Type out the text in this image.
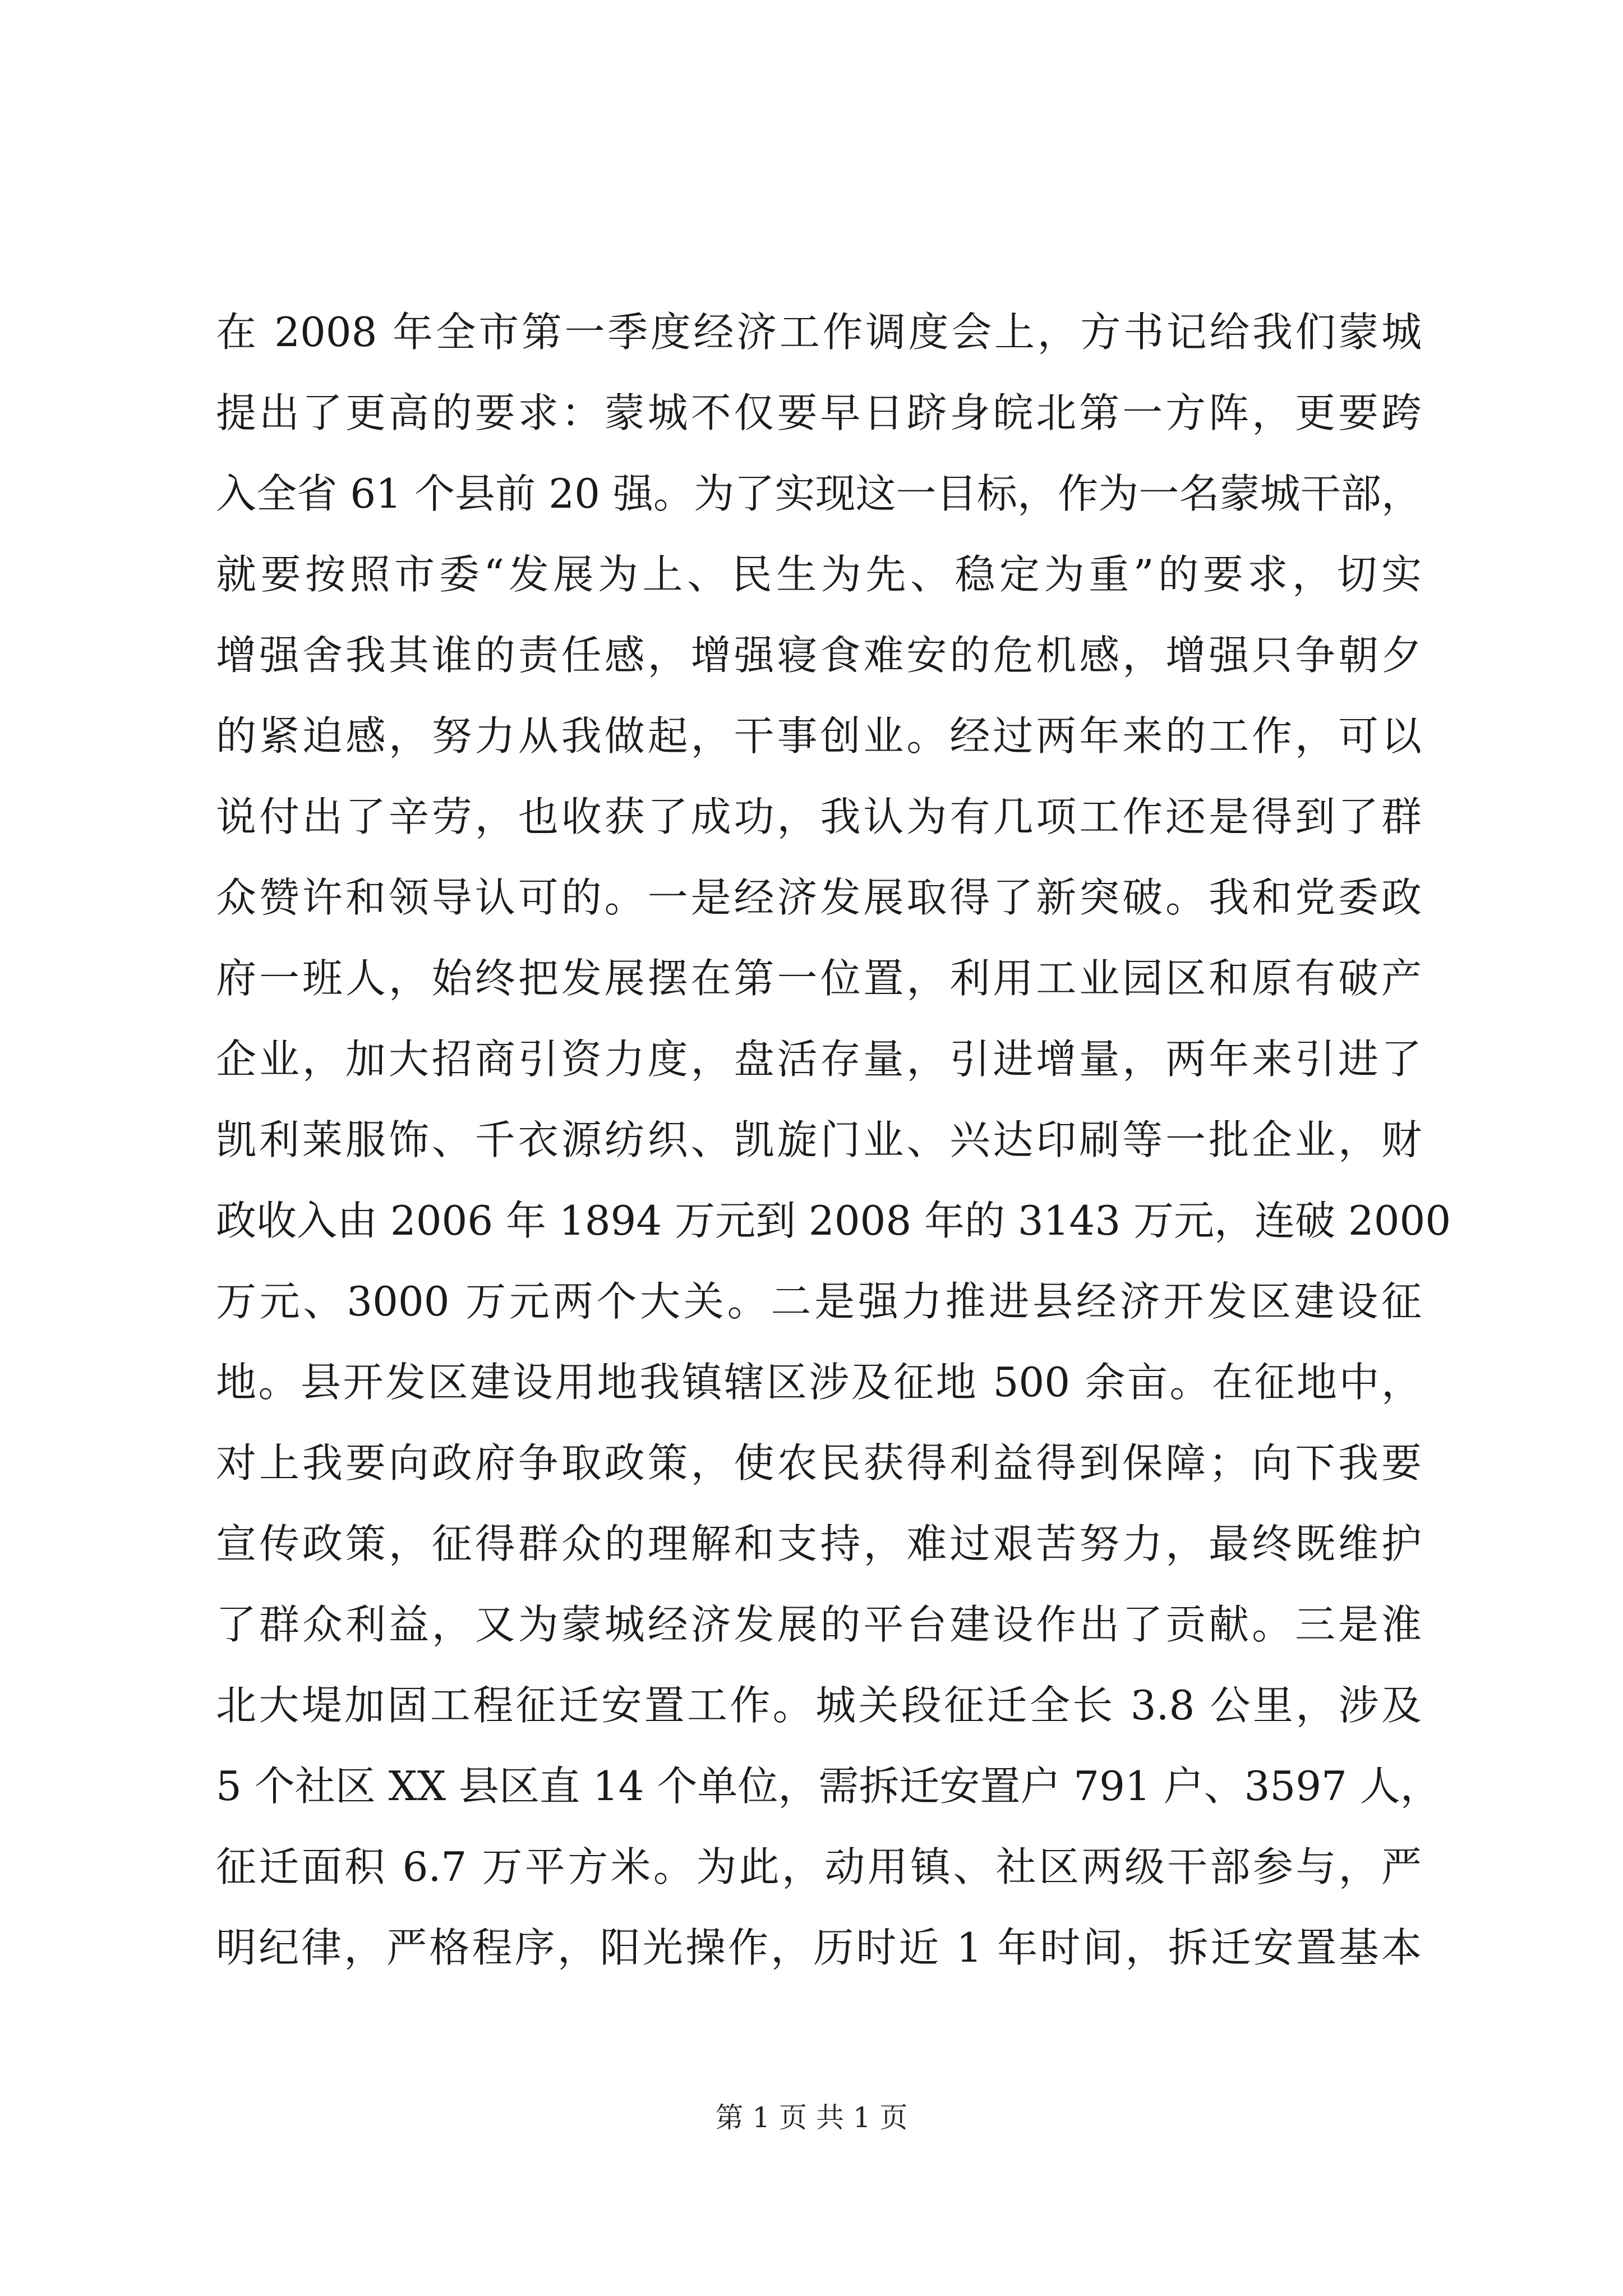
在 2008 年全市第一季度经济工作调度会上，方书记给我们蒙城
提出了更高的要求：蒙城不仅要早日跻身皖北第一方阵，更要跨
入全省 61 个县前 20 强。为了实现这一目标，作为一名蒙城干部，
就要按照市委“发展为上、民生为先、稳定为重”的要求，切实
增强舍我其谁的责任感，增强寝食难安的危机感，增强只争朝夕
的紧迫感，努力从我做起，干事创业。经过两年来的工作，可以
说付出了辛劳，也收获了成功，我认为有几项工作还是得到了群
众赞许和领导认可的。一是经济发展取得了新突破。我和党委政
府一班人，始终把发展摆在第一位置，利用工业园区和原有破产
企业，加大招商引资力度，盘活存量，引进增量，两年来引进了
凯利莱服饰、千衣源纺织、凯旋门业、兴达印刷等一批企业，财
政收入由 2006 年 1894 万元到 2008 年的 3143 万元，连破 2000
万元、3000 万元两个大关。二是强力推进县经济开发区建设征
地。县开发区建设用地我镇辖区涉及征地 500 余亩。在征地中，
对上我要向政府争取政策，使农民获得利益得到保障；向下我要
宣传政策，征得群众的理解和支持，难过艰苦努力，最终既维护
了群众利益，又为蒙城经济发展的平台建设作出了贡献。三是淮
北大堤加固工程征迁安置工作。城关段征迁全长 3.8 公里，涉及
5 个社区 XX 县区直 14 个单位，需拆迁安置户 791 户、3597 人，
征迁面积 6.7 万平方米。为此，动用镇、社区两级干部参与，严
明纪律，严格程序，阳光操作，历时近 1 年时间，拆迁安置基本
第 1 页 共 1 页
